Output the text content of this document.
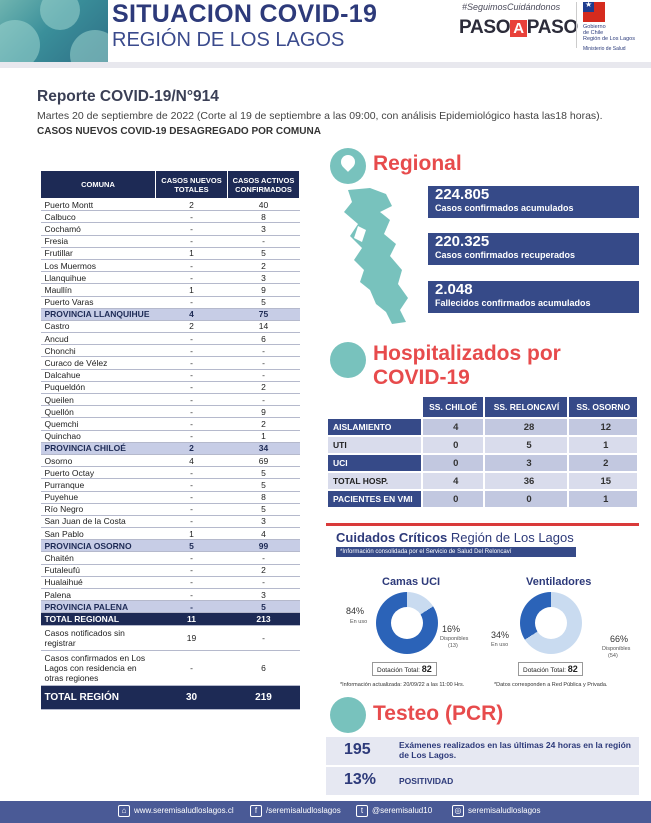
SITUACION COVID-19
REGIÓN DE LOS LAGOS
#SeguimosCuidándonos
PASO A PASO
★ Gobierno
de Chile
Región de Los Lagos
Ministerio de Salud
Reporte COVID-19/N°914

Martes 20 de septiembre de 2022 (Corte al 19 de septiembre a las 09:00, con análisis Epidemiológico hasta las18 horas).

CASOS NUEVOS COVID-19 DESAGREGADO POR COMUNA

COMUNA	CASOS NUEVOS TOTALES	CASOS ACTIVOS CONFIRMADOS
Puerto Montt	2	40
Calbuco	-	8
Cochamó	-	3
Fresia	-	-
Frutillar	1	5
Los Muermos	-	2
Llanquihue	-	3
Maullín	1	9
Puerto Varas	-	5
PROVINCIA LLANQUIHUE	4	75
Castro	2	14
Ancud	-	6
Chonchi	-	-
Curaco de Vélez	-	-
Dalcahue	-	-
Puqueldón	-	2
Queilen	-	-
Quellón	-	9
Quemchi	-	2
Quinchao	-	1
PROVINCIA CHILOÉ	2	34
Osorno	4	69
Puerto Octay	-	5
Purranque	-	5
Puyehue	-	8
Río Negro	-	5
San Juan de la Costa	-	3
San Pablo	1	4
PROVINCIA OSORNO	5	99
Chaitén	-	-
Futaleufú	-	2
Hualaihué	-	-
Palena	-	3
PROVINCIA PALENA	-	5
TOTAL REGIONAL	11	213
Casos notificados sin registrar	19	-
Casos confirmados en Los Lagos con residencia en otras regiones	-	6
TOTAL REGIÓN	30	219
Regional
224.805
Casos confirmados acumulados
220.325
Casos confirmados recuperados
2.048
Fallecidos confirmados acumulados
Hospitalizados por
COVID-19
	SS. CHILOÉ	SS. RELONCAVÍ	SS. OSORNO
AISLAMIENTO	4	28	12
UTI	0	5	1
UCI	0	3	2
TOTAL HOSP.	4	36	15
PACIENTES EN VMI	0	0	1
Cuidados Críticos Región de Los Lagos
*Información consolidada por el Servicio de Salud Del Reloncaví
Camas UCI
84%
En uso
16%
Disponibles
(13)
Dotación Total: 82
Ventiladores
34%
En uso
66%
Disponibles
(54)
Dotación Total: 82
*Información actualizada: 20/09/22 a las 11:00 Hrs.	*Datos corresponden a Red Pública y Privada.
Testeo (PCR)
195	Exámenes realizados en las últimas 24 horas en la región de Los Lagos.
13%	POSITIVIDAD
⌂ www.seremisaludloslagos.cl	f	/seremisaludloslagos	t	@seremisalud10	◎ seremisaludloslagos
